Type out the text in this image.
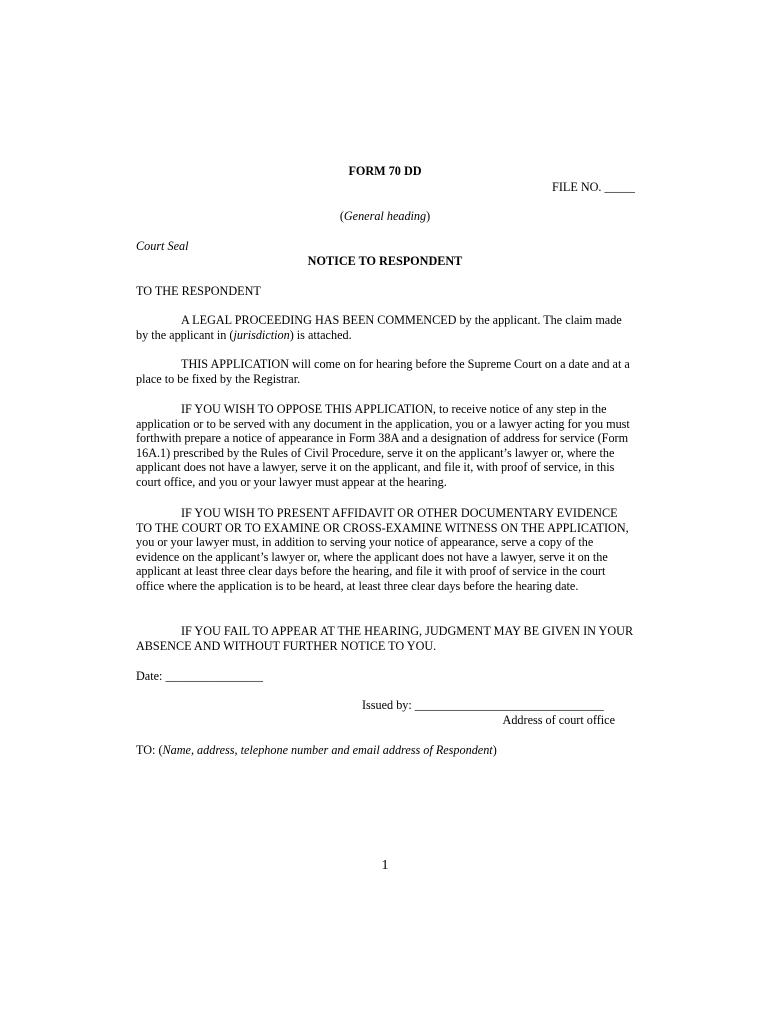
FORM 70 DD
FILE NO. _____
(General heading)
Court Seal
NOTICE TO RESPONDENT
TO THE RESPONDENT
A LEGAL PROCEEDING HAS BEEN COMMENCED by the applicant. The claim made by the applicant in (jurisdiction) is attached.
THIS APPLICATION will come on for hearing before the Supreme Court on a date and at a place to be fixed by the Registrar.
IF YOU WISH TO OPPOSE THIS APPLICATION, to receive notice of any step in the application or to be served with any document in the application, you or a lawyer acting for you must forthwith prepare a notice of appearance in Form 38A and a designation of address for service (Form 16A.1) prescribed by the Rules of Civil Procedure, serve it on the applicant’s lawyer or, where the applicant does not have a lawyer, serve it on the applicant, and file it, with proof of service, in this court office, and you or your lawyer must appear at the hearing.
IF YOU WISH TO PRESENT AFFIDAVIT OR OTHER DOCUMENTARY EVIDENCE TO THE COURT OR TO EXAMINE OR CROSS-EXAMINE WITNESS ON THE APPLICATION, you or your lawyer must, in addition to serving your notice of appearance, serve a copy of the evidence on the applicant’s lawyer or, where the applicant does not have a lawyer, serve it on the applicant at least three clear days before the hearing, and file it with proof of service in the court office where the application is to be heard, at least three clear days before the hearing date.
IF YOU FAIL TO APPEAR AT THE HEARING, JUDGMENT MAY BE GIVEN IN YOUR ABSENCE AND WITHOUT FURTHER NOTICE TO YOU.
Date: ________________
Issued by: _______________________________
Address of court office
TO: (Name, address, telephone number and email address of Respondent)
1
